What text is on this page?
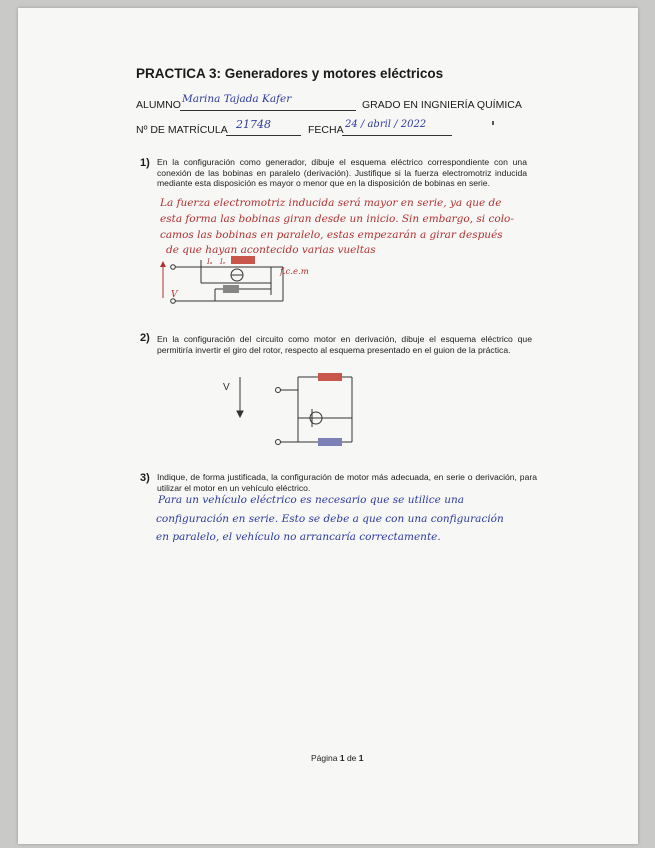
PRACTICA 3: Generadores y motores eléctricos
ALUMNO Marina Tajada Kafer	GRADO EN INGNIERÍA QUÍMICA
Nº DE MATRÍCULA 21748	FECHA 24 / abril / 2022
1) En la configuración como generador, dibuje el esquema eléctrico correspondiente con una conexión de las bobinas en paralelo (derivación). Justifique si la fuerza electromotriz inducida mediante esta disposición es mayor o menor que en la disposición de bobinas en serie.
La fuerza electromotriz inducida será mayor en serie, ya que de
esta forma las bobinas giran desde un inicio. Sin embargo, si colo-
camos las bobinas en paralelo, estas empezarán a girar después
de que hayan acontecido varias vueltas
V
Iₐ Iₑ
f.c.e.m
2) En la configuración del circuito como motor en derivación, dibuje el esquema eléctrico que permitiría invertir el giro del rotor, respecto al esquema presentado en el guion de la práctica.
V
3) Indique, de forma justificada, la configuración de motor más adecuada, en serie o derivación, para utilizar el motor en un vehículo eléctrico.
Para un vehículo eléctrico es necesario que se utilice una
configuración en serie. Esto se debe a que con una configuración
en paralelo, el vehículo no arrancaría correctamente.
Página 1 de 1
